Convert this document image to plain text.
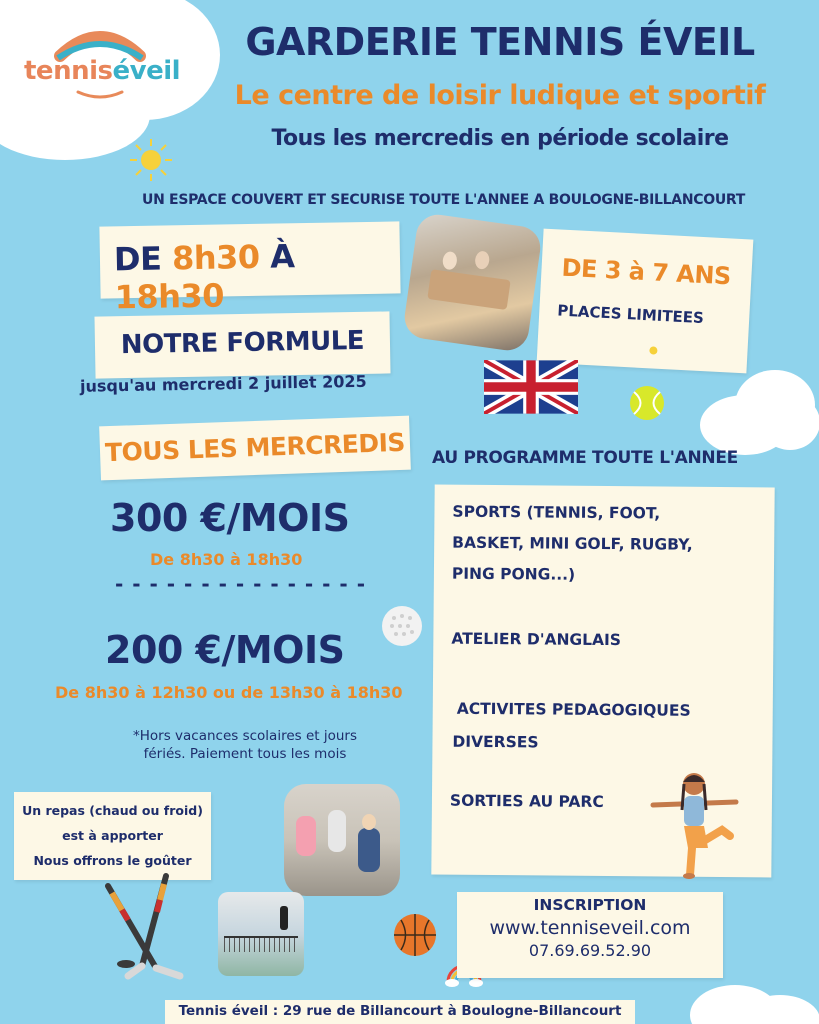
tenniséveil
GARDERIE TENNIS ÉVEIL
Le centre de loisir ludique et sportif
Tous les mercredis en période scolaire
UN ESPACE COUVERT ET SECURISE TOUTE L'ANNEE A BOULOGNE-BILLANCOURT
DE 8h30 À 18h30
DE 3 à 7 ANS
PLACES LIMITEES
NOTRE FORMULE
jusqu'au mercredi 2 juillet 2025
TOUS LES MERCREDIS AU PROGRAMME TOUTE L'ANNEE
300 €/MOIS
De 8h30 à 18h30
- - - - - - - - - - - - - - -
200 €/MOIS
De 8h30 à 12h30 ou de 13h30 à 18h30
*Hors vacances scolaires et jours
fériés. Paiement tous les mois
SPORTS (TENNIS, FOOT,
BASKET, MINI GOLF, RUGBY,
PING PONG...)
ATELIER D'ANGLAIS
ACTIVITES PEDAGOGIQUES
DIVERSES
SORTIES AU PARC
Un repas (chaud ou froid)
est à apporter
Nous offrons le goûter
INSCRIPTION
www.tenniseveil.com
07.69.69.52.90
Tennis éveil : 29 rue de Billancourt à Boulogne-Billancourt
